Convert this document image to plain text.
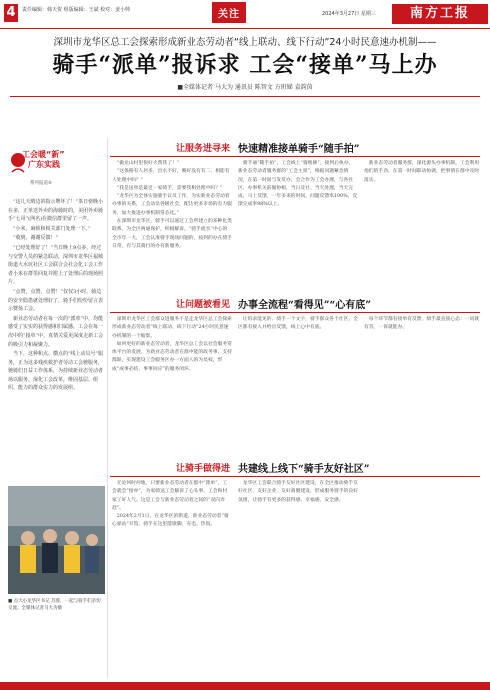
4	责任编辑：韩天贺 组版编辑：王斌 校对：姜小帅	关注	2024年3月27日 星期三	南方工报
深圳市龙华区总工会探索形成新业态劳动者“线上联动、线下行动”24小时民意速办机制——
骑手“派单”报诉求 工会“接单”马上办
■全媒体记者 马大为 通讯员 陈智文 方班娣 袁韵茵
工会暖“新”
广东实践
系列报道⑥

“这几天晴边的指示牌坏了！”茶日傍晚小在多，正单送外卖的海骑时的，美团外卖骑手“七哥”(网名)在微信群里留了一声。

“小米，麻烦和相关部门处理一下。”

“收到，谢谢反馈！”

“已经处理好了！”当日晚上9点多，经过与交警人员的紧急联动，深圳市龙华区福城街道大水坑社区工会联合会社会化工会工作者小米在群里回复并附上了处理后的现场照片。

“点赞，点赞，点赞！”仅仅3小时，骑边的安全隐患就处理好了，骑手们纷纷留言表示赞扬工会。

新业态劳动者在每一次的“派单”中，均能感受了实实的获得感和归属感。工会在每一次中的“接单”中，真情关爱更深度走新工会的吸引力和凝聚力。

当下，这种和点、横点的“线上动员号”服务，正为这多残疾救护者劳动工会驰服务，驰骑们日益工作体系，为持续新业态劳动者场以服务，深化工会改革，维固基层、组织、能力的群众实力的发展组。

■ 点大小龙华区书记 苏蓉，一起与骑手们亲切交流。全媒体记者马大为摄
让服务进寻来 快速精准接单骑手“随手拍”

“做龙山村里很好火帮我了！”

“这条路有人居多，出水不好，晚好没有有二、相能有人处理中吗？”

“我是送单是最近一家骑手，需要我相处理中吗？”

“龙华区为全体实施骑手议员工作，为实新业态劳动者办事的关系，工会动员各级社会，配达更多市场的有力服务，加大推进办事机制常态化。”

在深圳市龙华区，骑手可以通过工会所建立的多种化类联系，为全区两通保护，积极解诉。“骑手流水”中心的全市年一大，工会认准骑手现场问题的，按到的办在骑手日常，有与其骑行的办有新服务。

骑手通“随手拍”，工会线上“骑维修”，接到后执办，新业态劳动者服务群的“工会主席”，根据问题紧急情况，在第一时间与发反办，会合作为工会办理，与各社区、办事机关前做协相，当日及社、当天处理，当天完成，马上反馈，一年多来的时间，问题反馈率100%，反馈完成率98%以上。

新业态劳动者服务群，深化源头办事机制。工会利用他们的手劲，在第一时间联动协调，把事情在群中及时落实。

让问题被看见 办事全流程“看得见”“心有底”

深圳市龙华区工会群众进服务不是走龙华区总工会探索形成新业态劳动者“线上联动、线下行动”24小时民意速办机制的一个缩影。

如何更好的新业态劳动者，龙华区总工会以社会服务常体平台的发展，为新业态劳动者在群中能的政务事，支持群联，实现建设工会服务区办一方面人的为员权，形成“成事必结、事事回应”的服务闭环。

让诉求能见的、骑手一个文字，骑手群众各个社区，全区都有接入并给出反馈，线上心中有底。

每个环节都有接单有反馈，骑手最直接心态：一问就有答，一诉就能办。

让骑手做得进 共建线上线下“骑手友好社区”

无论何时何地，只要新业态劳动者在群中“派单”，工会就会“接单”，为家骑送工会解诉了心头事、工会和村家了好人气。这是工会与新业态劳动者之间的“双向奔赴”。

2024年2月1日，在龙华区的街道，新业态劳动者“骑心驿站”开馆，骑手在这里能歇脚、充电、热饭。

龙华区工会联合骑手友好社区建设，在全区推动骑手友好社区、友好企业、友好商圈建设，形成服务骑手的良好氛围，让骑手有更多的获得感、幸福感、安全感。
